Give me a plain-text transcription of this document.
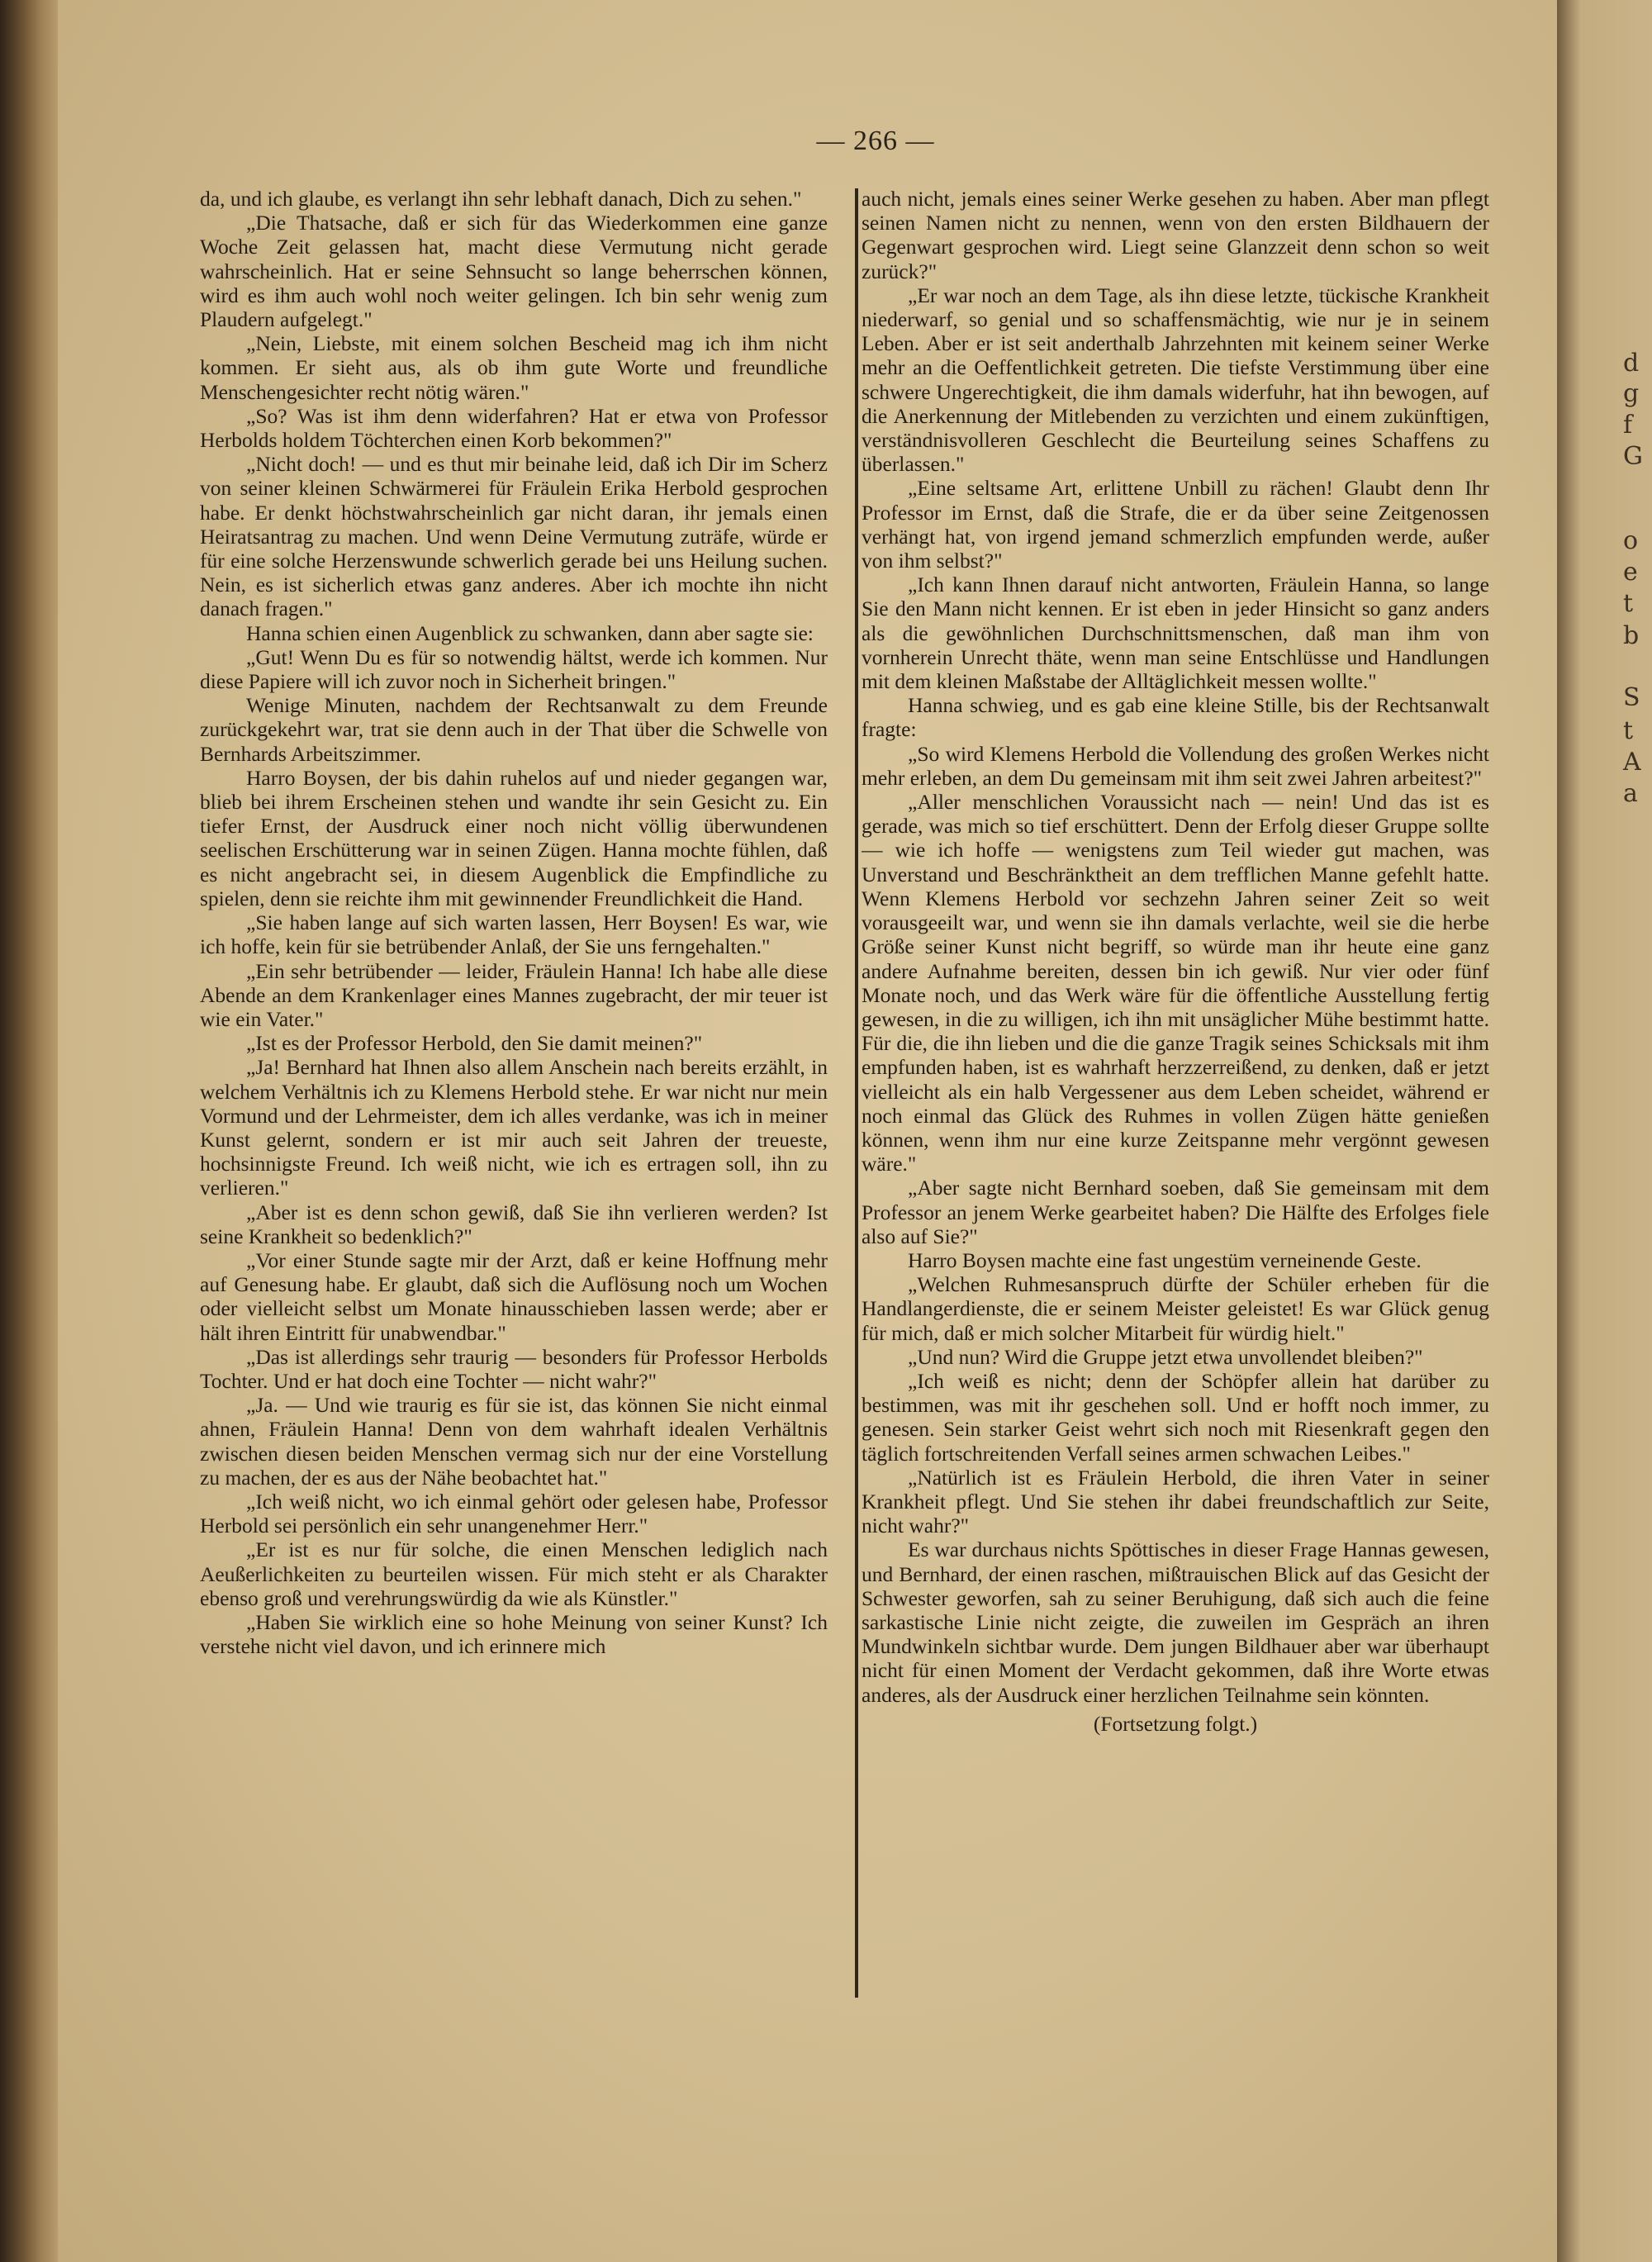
— 266 —

da, und ich glaube, es verlangt ihn sehr lebhaft danach, Dich zu sehen."

„Die Thatsache, daß er sich für das Wiederkommen eine ganze Woche Zeit gelassen hat, macht diese Vermutung nicht gerade wahrscheinlich. Hat er seine Sehnsucht so lange beherrschen können, wird es ihm auch wohl noch weiter gelingen. Ich bin sehr wenig zum Plaudern aufgelegt."

„Nein, Liebste, mit einem solchen Bescheid mag ich ihm nicht kommen. Er sieht aus, als ob ihm gute Worte und freundliche Menschengesichter recht nötig wären."

„So? Was ist ihm denn widerfahren? Hat er etwa von Professor Herbolds holdem Töchterchen einen Korb bekommen?"

„Nicht doch! — und es thut mir beinahe leid, daß ich Dir im Scherz von seiner kleinen Schwärmerei für Fräulein Erika Herbold gesprochen habe. Er denkt höchstwahrscheinlich gar nicht daran, ihr jemals einen Heiratsantrag zu machen. Und wenn Deine Vermutung zuträfe, würde er für eine solche Herzenswunde schwerlich gerade bei uns Heilung suchen. Nein, es ist sicherlich etwas ganz anderes. Aber ich mochte ihn nicht danach fragen."

Hanna schien einen Augenblick zu schwanken, dann aber sagte sie:

„Gut! Wenn Du es für so notwendig hältst, werde ich kommen. Nur diese Papiere will ich zuvor noch in Sicherheit bringen."

Wenige Minuten, nachdem der Rechtsanwalt zu dem Freunde zurückgekehrt war, trat sie denn auch in der That über die Schwelle von Bernhards Arbeitszimmer.

Harro Boysen, der bis dahin ruhelos auf und nieder gegangen war, blieb bei ihrem Erscheinen stehen und wandte ihr sein Gesicht zu. Ein tiefer Ernst, der Ausdruck einer noch nicht völlig überwundenen seelischen Erschütterung war in seinen Zügen. Hanna mochte fühlen, daß es nicht angebracht sei, in diesem Augenblick die Empfindliche zu spielen, denn sie reichte ihm mit gewinnender Freundlichkeit die Hand.

„Sie haben lange auf sich warten lassen, Herr Boysen! Es war, wie ich hoffe, kein für sie betrübender Anlaß, der Sie uns ferngehalten."

„Ein sehr betrübender — leider, Fräulein Hanna! Ich habe alle diese Abende an dem Krankenlager eines Mannes zugebracht, der mir teuer ist wie ein Vater."

„Ist es der Professor Herbold, den Sie damit meinen?"

„Ja! Bernhard hat Ihnen also allem Anschein nach bereits erzählt, in welchem Verhältnis ich zu Klemens Herbold stehe. Er war nicht nur mein Vormund und der Lehrmeister, dem ich alles verdanke, was ich in meiner Kunst gelernt, sondern er ist mir auch seit Jahren der treueste, hochsinnigste Freund. Ich weiß nicht, wie ich es ertragen soll, ihn zu verlieren."

„Aber ist es denn schon gewiß, daß Sie ihn verlieren werden? Ist seine Krankheit so bedenklich?"

„Vor einer Stunde sagte mir der Arzt, daß er keine Hoffnung mehr auf Genesung habe. Er glaubt, daß sich die Auflösung noch um Wochen oder vielleicht selbst um Monate hinausschieben lassen werde; aber er hält ihren Eintritt für unabwendbar."

„Das ist allerdings sehr traurig — besonders für Professor Herbolds Tochter. Und er hat doch eine Tochter — nicht wahr?"

„Ja. — Und wie traurig es für sie ist, das können Sie nicht einmal ahnen, Fräulein Hanna! Denn von dem wahrhaft idealen Verhältnis zwischen diesen beiden Menschen vermag sich nur der eine Vorstellung zu machen, der es aus der Nähe beobachtet hat."

„Ich weiß nicht, wo ich einmal gehört oder gelesen habe, Professor Herbold sei persönlich ein sehr unangenehmer Herr."

„Er ist es nur für solche, die einen Menschen lediglich nach Aeußerlichkeiten zu beurteilen wissen. Für mich steht er als Charakter ebenso groß und verehrungswürdig da wie als Künstler."

„Haben Sie wirklich eine so hohe Meinung von seiner Kunst? Ich verstehe nicht viel davon, und ich erinnere mich

auch nicht, jemals eines seiner Werke gesehen zu haben. Aber man pflegt seinen Namen nicht zu nennen, wenn von den ersten Bildhauern der Gegenwart gesprochen wird. Liegt seine Glanzzeit denn schon so weit zurück?"

„Er war noch an dem Tage, als ihn diese letzte, tückische Krankheit niederwarf, so genial und so schaffensmächtig, wie nur je in seinem Leben. Aber er ist seit anderthalb Jahrzehnten mit keinem seiner Werke mehr an die Oeffentlichkeit getreten. Die tiefste Verstimmung über eine schwere Ungerechtigkeit, die ihm damals widerfuhr, hat ihn bewogen, auf die Anerkennung der Mitlebenden zu verzichten und einem zukünftigen, verständnisvolleren Geschlecht die Beurteilung seines Schaffens zu überlassen."

„Eine seltsame Art, erlittene Unbill zu rächen! Glaubt denn Ihr Professor im Ernst, daß die Strafe, die er da über seine Zeitgenossen verhängt hat, von irgend jemand schmerzlich empfunden werde, außer von ihm selbst?"

„Ich kann Ihnen darauf nicht antworten, Fräulein Hanna, so lange Sie den Mann nicht kennen. Er ist eben in jeder Hinsicht so ganz anders als die gewöhnlichen Durchschnittsmenschen, daß man ihm von vornherein Unrecht thäte, wenn man seine Entschlüsse und Handlungen mit dem kleinen Maßstabe der Alltäglichkeit messen wollte."

Hanna schwieg, und es gab eine kleine Stille, bis der Rechtsanwalt fragte:

„So wird Klemens Herbold die Vollendung des großen Werkes nicht mehr erleben, an dem Du gemeinsam mit ihm seit zwei Jahren arbeitest?"

„Aller menschlichen Voraussicht nach — nein! Und das ist es gerade, was mich so tief erschüttert. Denn der Erfolg dieser Gruppe sollte — wie ich hoffe — wenigstens zum Teil wieder gut machen, was Unverstand und Beschränktheit an dem trefflichen Manne gefehlt hatte. Wenn Klemens Herbold vor sechzehn Jahren seiner Zeit so weit vorausgeeilt war, und wenn sie ihn damals verlachte, weil sie die herbe Größe seiner Kunst nicht begriff, so würde man ihr heute eine ganz andere Aufnahme bereiten, dessen bin ich gewiß. Nur vier oder fünf Monate noch, und das Werk wäre für die öffentliche Ausstellung fertig gewesen, in die zu willigen, ich ihn mit unsäglicher Mühe bestimmt hatte. Für die, die ihn lieben und die die ganze Tragik seines Schicksals mit ihm empfunden haben, ist es wahrhaft herzzerreißend, zu denken, daß er jetzt vielleicht als ein halb Vergessener aus dem Leben scheidet, während er noch einmal das Glück des Ruhmes in vollen Zügen hätte genießen können, wenn ihm nur eine kurze Zeitspanne mehr vergönnt gewesen wäre."

„Aber sagte nicht Bernhard soeben, daß Sie gemeinsam mit dem Professor an jenem Werke gearbeitet haben? Die Hälfte des Erfolges fiele also auf Sie?"

Harro Boysen machte eine fast ungestüm verneinende Geste.

„Welchen Ruhmesanspruch dürfte der Schüler erheben für die Handlangerdienste, die er seinem Meister geleistet! Es war Glück genug für mich, daß er mich solcher Mitarbeit für würdig hielt."

„Und nun? Wird die Gruppe jetzt etwa unvollendet bleiben?"

„Ich weiß es nicht; denn der Schöpfer allein hat darüber zu bestimmen, was mit ihr geschehen soll. Und er hofft noch immer, zu genesen. Sein starker Geist wehrt sich noch mit Riesenkraft gegen den täglich fortschreitenden Verfall seines armen schwachen Leibes."

„Natürlich ist es Fräulein Herbold, die ihren Vater in seiner Krankheit pflegt. Und Sie stehen ihr dabei freundschaftlich zur Seite, nicht wahr?"

Es war durchaus nichts Spöttisches in dieser Frage Hannas gewesen, und Bernhard, der einen raschen, mißtrauischen Blick auf das Gesicht der Schwester geworfen, sah zu seiner Beruhigung, daß sich auch die feine sarkastische Linie nicht zeigte, die zuweilen im Gespräch an ihren Mundwinkeln sichtbar wurde. Dem jungen Bildhauer aber war überhaupt nicht für einen Moment der Verdacht gekommen, daß ihre Worte etwas anderes, als der Ausdruck einer herzlichen Teilnahme sein könnten.

(Fortsetzung folgt.)

d
g
f
G
o
e
t
b
S
t
A
a
